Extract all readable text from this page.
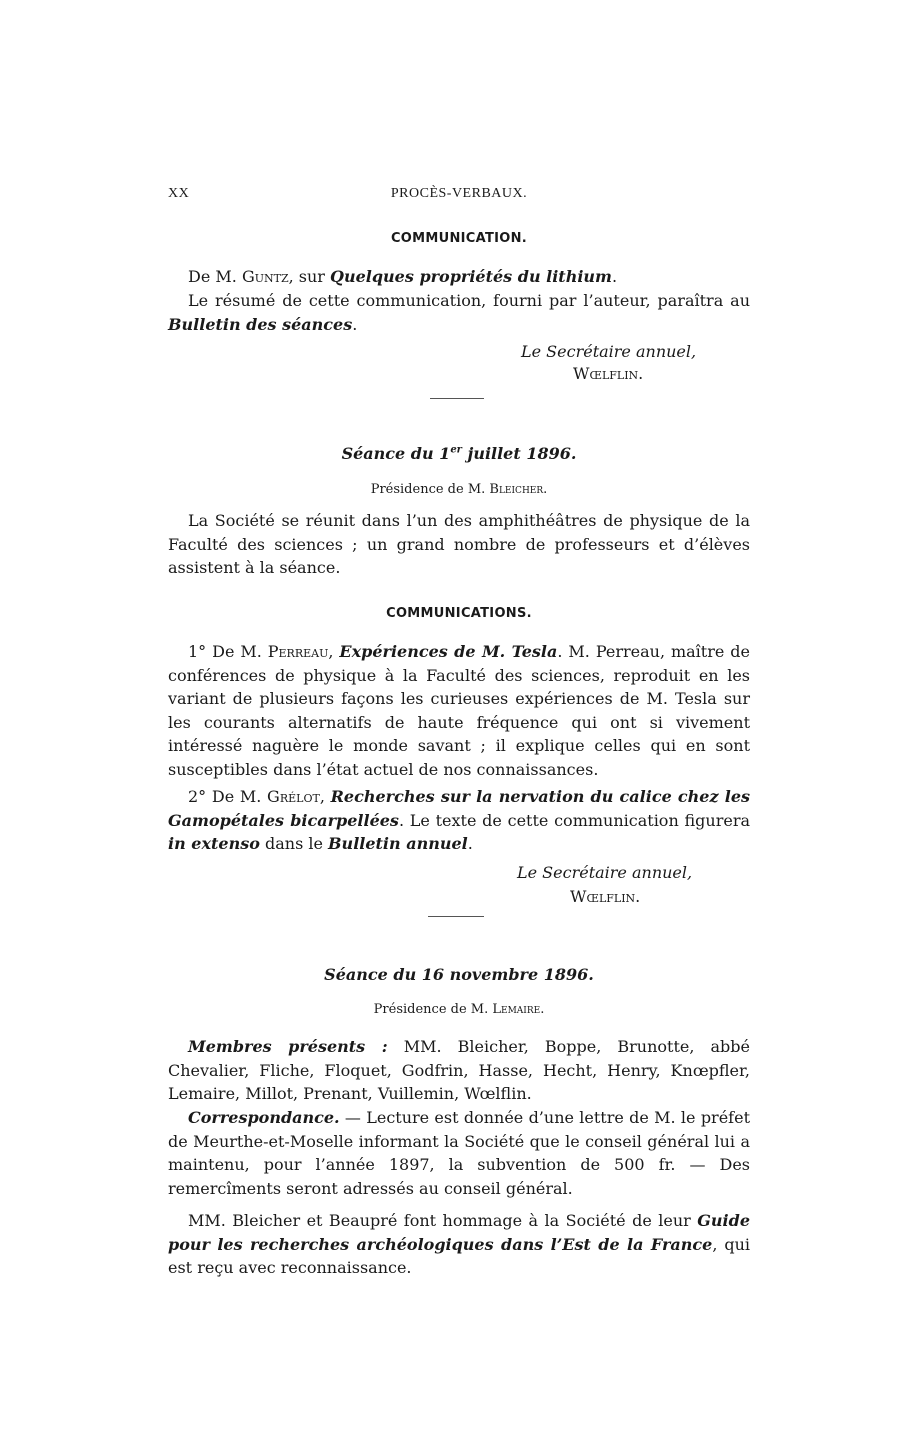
XX	PROCÈS-VERBAUX.
COMMUNICATION.
De M. Guntz, sur Quelques propriétés du lithium.
Le résumé de cette communication, fourni par l’auteur, paraîtra au Bulletin des séances.
Le Secrétaire annuel,
Wœlflin.
Séance du 1er juillet 1896.
Présidence de M. Bleicher.
La Société se réunit dans l’un des amphithéâtres de physique de la Faculté des sciences ; un grand nombre de professeurs et d’élèves assistent à la séance.
COMMUNICATIONS.
1° De M. Perreau, Expériences de M. Tesla. M. Perreau, maître de conférences de physique à la Faculté des sciences, reproduit en les variant de plusieurs façons les curieuses expériences de M. Tesla sur les courants alternatifs de haute fréquence qui ont si vivement intéressé naguère le monde savant ; il explique celles qui en sont susceptibles dans l’état actuel de nos connaissances.
2° De M. Grélot, Recherches sur la nervation du calice chez les Gamopétales bicarpellées. Le texte de cette communication figurera in extenso dans le Bulletin annuel.
Le Secrétaire annuel,
Wœlflin.
Séance du 16 novembre 1896.
Présidence de M. Lemaire.
Membres présents : MM. Bleicher, Boppe, Brunotte, abbé Chevalier, Fliche, Floquet, Godfrin, Hasse, Hecht, Henry, Knœpfler, Lemaire, Millot, Prenant, Vuillemin, Wœlflin.
Correspondance. — Lecture est donnée d’une lettre de M. le préfet de Meurthe-et-Moselle informant la Société que le conseil général lui a maintenu, pour l’année 1897, la subvention de 500 fr. — Des remercîments seront adressés au conseil général.
MM. Bleicher et Beaupré font hommage à la Société de leur Guide pour les recherches archéologiques dans l’Est de la France, qui est reçu avec reconnaissance.
